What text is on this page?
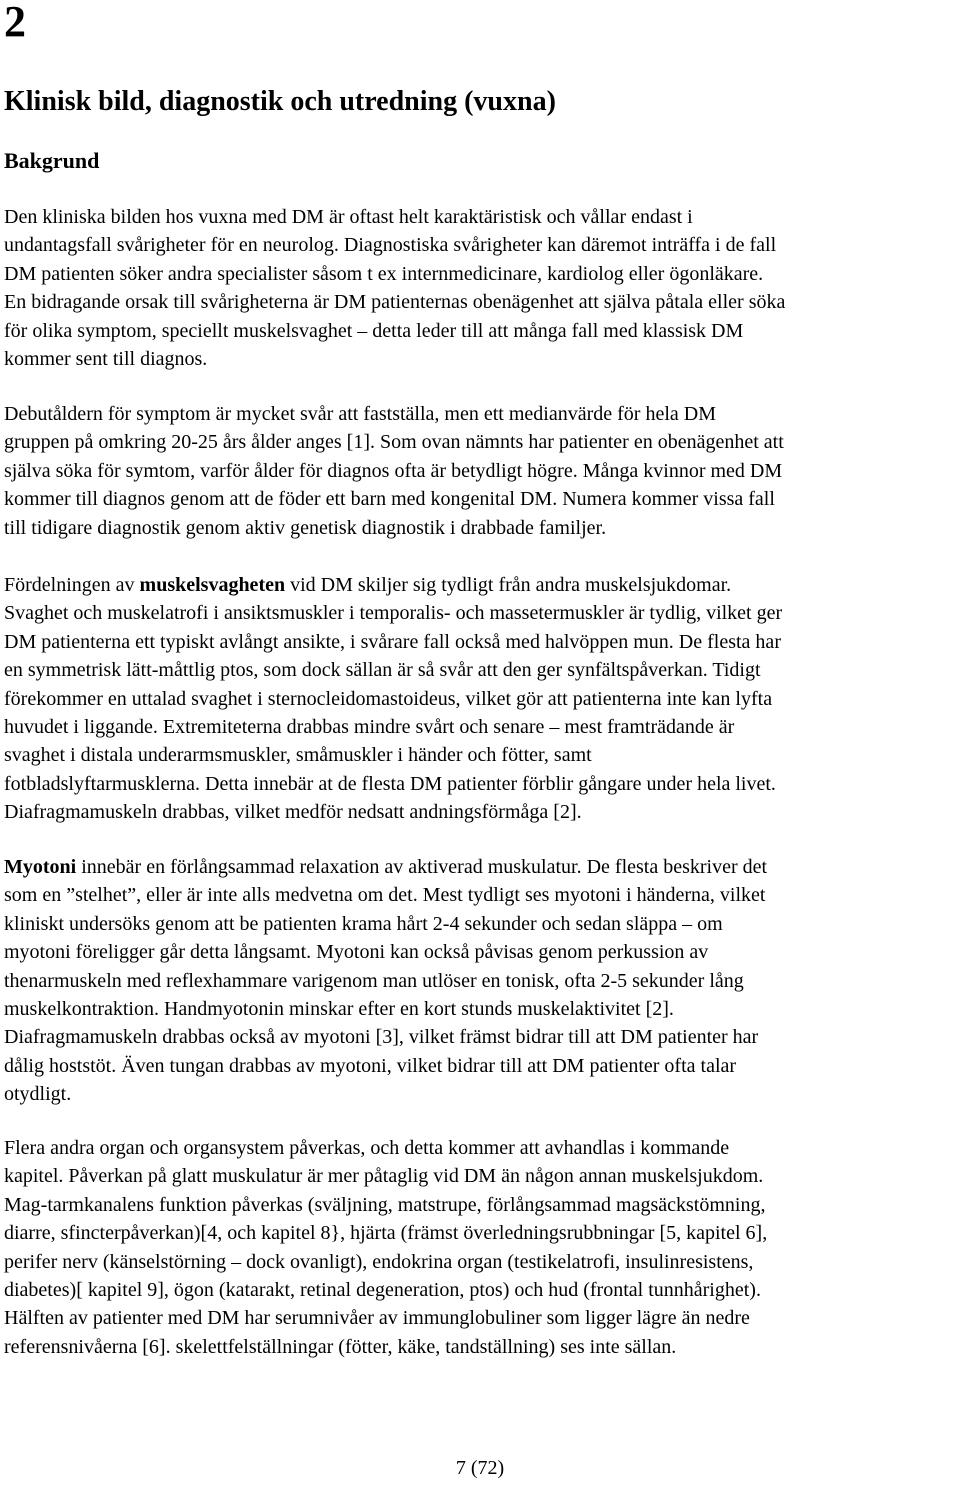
2
Klinisk bild, diagnostik och utredning (vuxna)
Bakgrund

Den kliniska bilden hos vuxna med DM är oftast helt karaktäristisk och vållar endast i
undantagsfall svårigheter för en neurolog. Diagnostiska svårigheter kan däremot inträffa i de fall
DM patienten söker andra specialister såsom t ex internmedicinare, kardiolog eller ögonläkare.
En bidragande orsak till svårigheterna är DM patienternas obenägenhet att själva påtala eller söka
för olika symptom, speciellt muskelsvaghet – detta leder till att många fall med klassisk DM
kommer sent till diagnos.

Debutåldern för symptom är mycket svår att fastställa, men ett medianvärde för hela DM
gruppen på omkring 20-25 års ålder anges [1]. Som ovan nämnts har patienter en obenägenhet att
själva söka för symtom, varför ålder för diagnos ofta är betydligt högre. Många kvinnor med DM
kommer till diagnos genom att de föder ett barn med kongenital DM. Numera kommer vissa fall
till tidigare diagnostik genom aktiv genetisk diagnostik i drabbade familjer.

Fördelningen av muskelsvagheten vid DM skiljer sig tydligt från andra muskelsjukdomar.
Svaghet och muskelatrofi i ansiktsmuskler i temporalis- och massetermuskler är tydlig, vilket ger
DM patienterna ett typiskt avlångt ansikte, i svårare fall också med halvöppen mun. De flesta har
en symmetrisk lätt-måttlig ptos, som dock sällan är så svår att den ger synfältspåverkan. Tidigt
förekommer en uttalad svaghet i sternocleidomastoideus, vilket gör att patienterna inte kan lyfta
huvudet i liggande. Extremiteterna drabbas mindre svårt och senare – mest framträdande är
svaghet i distala underarmsmuskler, småmuskler i händer och fötter, samt
fotbladslyftarmusklerna. Detta innebär at de flesta DM patienter förblir gångare under hela livet.
Diafragmamuskeln drabbas, vilket medför nedsatt andningsförmåga [2].

Myotoni innebär en förlångsammad relaxation av aktiverad muskulatur. De flesta beskriver det
som en ”stelhet”, eller är inte alls medvetna om det. Mest tydligt ses myotoni i händerna, vilket
kliniskt undersöks genom att be patienten krama hårt 2-4 sekunder och sedan släppa – om
myotoni föreligger går detta långsamt. Myotoni kan också påvisas genom perkussion av
thenarmuskeln med reflexhammare varigenom man utlöser en tonisk, ofta 2-5 sekunder lång
muskelkontraktion. Handmyotonin minskar efter en kort stunds muskelaktivitet [2].
Diafragmamuskeln drabbas också av myotoni [3], vilket främst bidrar till att DM patienter har
dålig hoststöt. Även tungan drabbas av myotoni, vilket bidrar till att DM patienter ofta talar
otydligt.

Flera andra organ och organsystem påverkas, och detta kommer att avhandlas i kommande
kapitel. Påverkan på glatt muskulatur är mer påtaglig vid DM än någon annan muskelsjukdom.
Mag-tarmkanalens funktion påverkas (sväljning, matstrupe, förlångsammad magsäckstömning,
diarre, sfincterpåverkan)[4, och kapitel 8}, hjärta (främst överledningsrubbningar [5, kapitel 6],
perifer nerv (känselstörning – dock ovanligt), endokrina organ (testikelatrofi, insulinresistens,
diabetes)[ kapitel 9], ögon (katarakt, retinal degeneration, ptos) och hud (frontal tunnhårighet).
Hälften av patienter med DM har serumnivåer av immunglobuliner som ligger lägre än nedre
referensnivåerna [6]. skelettfelställningar (fötter, käke, tandställning) ses inte sällan.

7 (72)
